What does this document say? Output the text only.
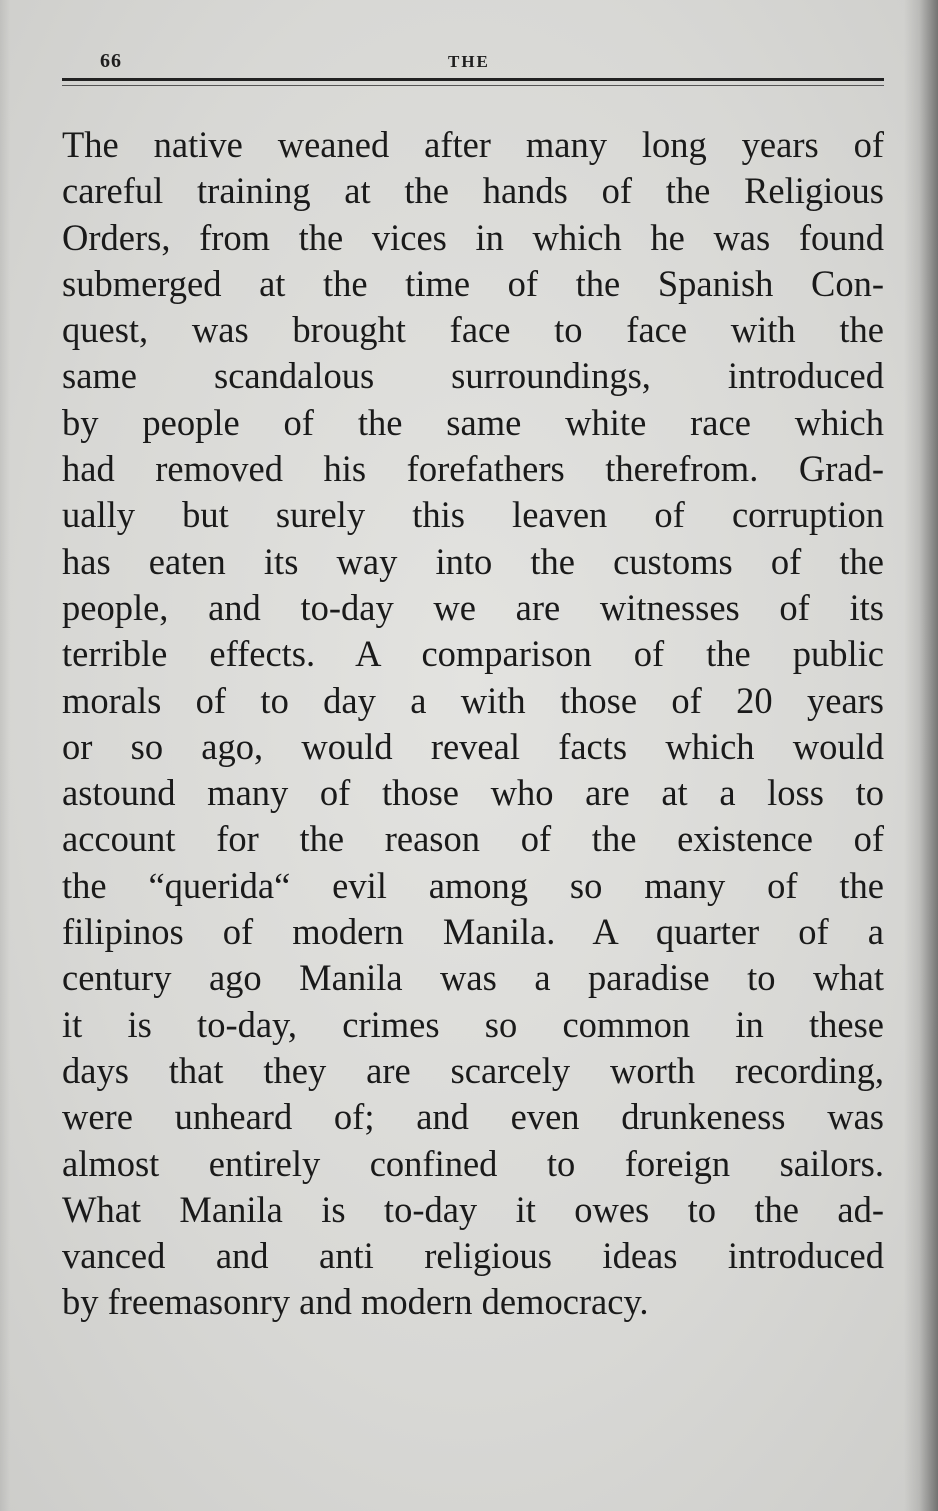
66	THE
The native weaned after many long years of
careful training at the hands of the Religious
Orders, from the vices in which he was found
submerged at the time of the Spanish Con-
quest, was brought face to face with the
same scandalous surroundings, introduced
by people of the same white race which
had removed his forefathers therefrom. Grad-
ually but surely this leaven of corruption
has eaten its way into the customs of the
people, and to-day we are witnesses of its
terrible effects. A comparison of the public
morals of to day a with those of 20 years
or so ago, would reveal facts which would
astound many of those who are at a loss to
account for the reason of the existence of
the “querida“ evil among so many of the
filipinos of modern Manila. A quarter of a
century ago Manila was a paradise to what
it is to-day, crimes so common in these
days that they are scarcely worth recording,
were unheard of; and even drunkeness was
almost entirely confined to foreign sailors.
What Manila is to-day it owes to the ad-
vanced and anti religious ideas introduced
by freemasonry and modern democracy.
